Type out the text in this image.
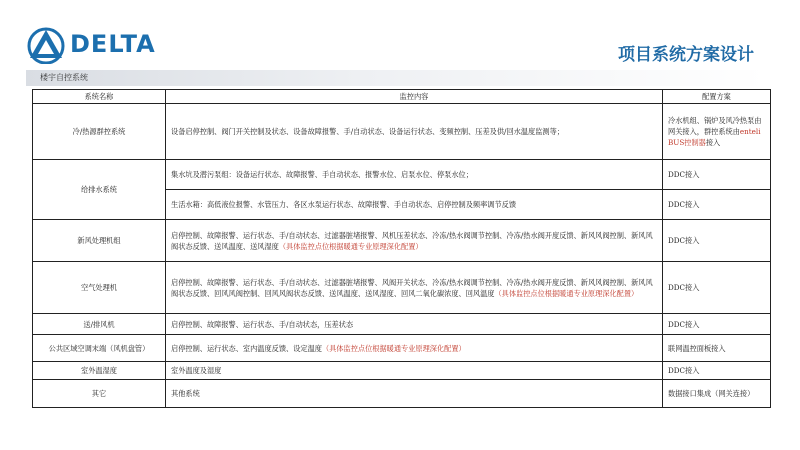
DELTA	项目系统方案设计
楼宇自控系统
系统名称	监控内容	配置方案
冷/热源群控系统	设备启停控制、阀门开关控制及状态、设备故障报警、手/自动状态、设备运行状态、变频控制、压差及供/回水温度监测等；	冷水机组、锅炉及风冷热泵由网关接入，群控系统由enteliBUS控制器接入
给排水系统	集水坑及潜污泵组：设备运行状态、故障报警、手自动状态、报警水位、启泵水位、停泵水位；	DDC接入
	生活水箱：高低液位报警、水管压力、各区水泵运行状态、故障报警、手自动状态、启停控制及频率调节反馈	DDC接入
新风处理机组	启停控制、故障报警、运行状态、手/自动状态、过滤器脏堵报警、风机压差状态、冷冻/热水阀调节控制、冷冻/热水阀开度反馈、新风风阀控制、新风风阀状态反馈、送风温度、送风湿度（具体监控点位根据暖通专业原理深化配置）	DDC接入
空气处理机	启停控制、故障报警、运行状态、手/自动状态、过滤器脏堵报警、风阀开关状态、冷冻/热水阀调节控制、冷冻/热水阀开度反馈、新风风阀控制、新风风阀状态反馈、回风风阀控制、回风风阀状态反馈、送风温度、送风湿度、回风二氧化碳浓度、回风温度（具体监控点位根据暖通专业原理深化配置）	DDC接入
送/排风机	启停控制、故障报警、运行状态、手/自动状态，压差状态	DDC接入
公共区域空调末端（风机盘管）	启停控制、运行状态、室内温度反馈、设定温度（具体监控点位根据暖通专业原理深化配置）	联网温控面板接入
室外温湿度	室外温度及湿度	DDC接入
其它	其他系统	数据接口集成（网关连接）
